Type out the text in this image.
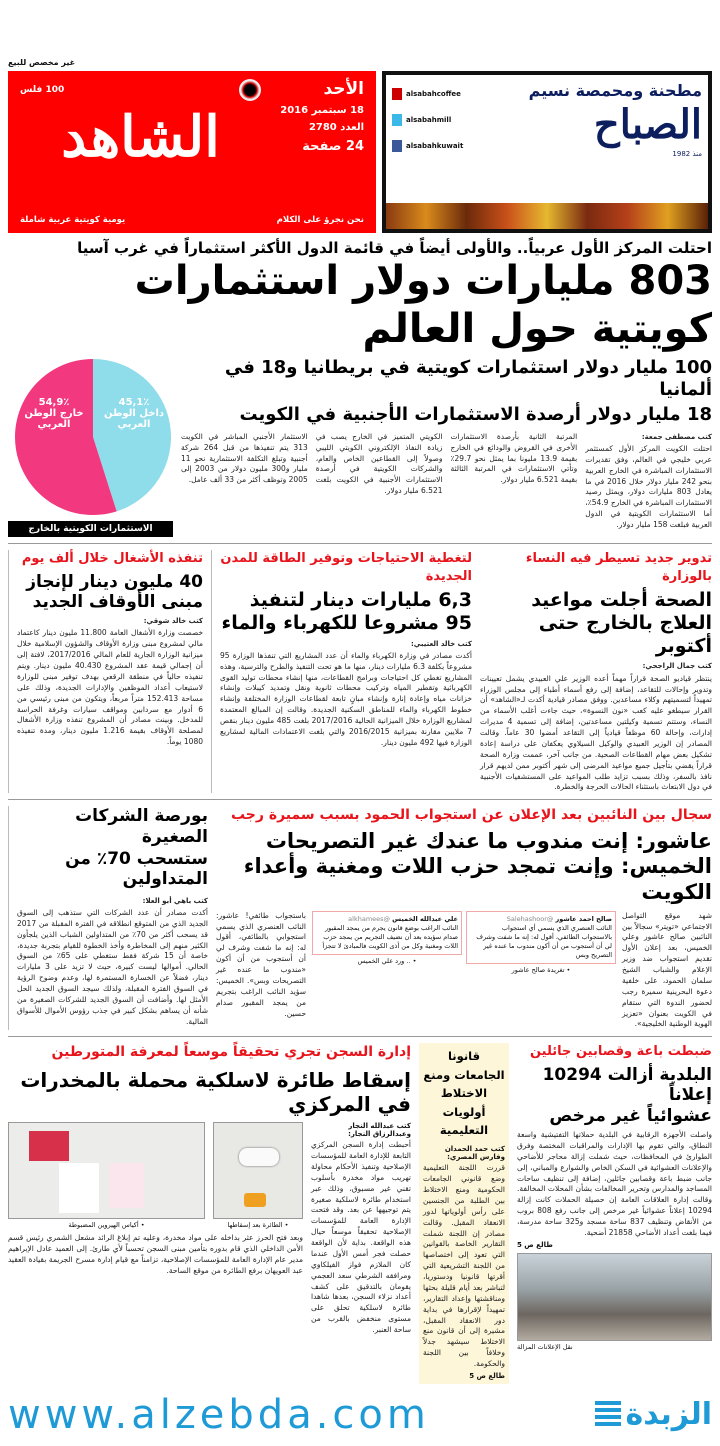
غير مخصص للبيع
مطحنة ومحمصة نسيم
الصباح
منذ 1982
alsabahcoffee
alsabahmill
alsabahkuwait
الأحد
18 سبتمبر 2016
العدد 2780
24 صفحة
نحن نجرؤ على الكلام
100 فلس
الشاهد
يومية كويتية عربية شاملة
احتلت المركز الأول عربياً.. والأولى أيضاً في قائمة الدول الأكثر استثماراً في غرب آسيا
803 مليارات دولار استثمارات كويتية حول العالم
100 مليار دولار استثمارات كويتية في بريطانيا و18 في ألمانيا
18 مليار دولار أرصدة الاستثمارات الأجنبية في الكويت
كتب مصطفى جمعة:
احتلت الكويت المركز الأول كمستثمر عربي خليجي في العالم، وفق تقديرات الاستثمارات المباشرة في الخارج العربية بنحو 242 مليار دولار خلال 2016 في ما يعادل 803 مليارات دولار، ويمثل رصيد الاستثمارات المباشرة في الخارج 54.9٪، أما الاستثمارات الكويتية في الدول العربية فبلغت 158 مليار دولار.
المرتبة الثانية بأرصدة الاستثمارات الأخرى في القروض والودائع في الخارج بقيمة 13.9 مليونا بما يمثل نحو 29.7٪ وتأتي الاستثمارات في المرتبة الثالثة بقيمة 6.521 مليار دولار.
الكويتي المتميز في الخارج يصب في زيادة النفاذ الإلكتروني الكويتي الليبي وصولاً إلى القطاعين الخاص والعام، والشركات الكويتية في أرصدة الاستثمارات الأجنبية في الكويت بلغت 6.521 مليار دولار.
الاستثمار الأجنبي المباشر في الكويت 313 يتم تنفيذها من قبل 264 شركة أجنبية وتبلغ التكلفة الاستثمارية نحو 11 مليار و300 مليون دولار من 2003 إلى 2005 وتوظف أكثر من 33 ألف عامل.
54,9٪
خارج الوطن العربي
45,1٪
داخل الوطن العربي
الاستثمارات الكويتية بالخارج
تدوير جديد تسيطر فيه النساء بالوزارة
الصحة أجلت مواعيد
العلاج بالخارج حتى أكتوبر
كتب جمال الراجحي:
ينتظر قياديو الصحة قراراً مهماً أعده الوزير علي العبيدي يشمل تعيينات وتدوير وإحالات للتقاعد، إضافة إلى رفع أسماء أطباء إلى مجلس الوزراء تمهيداً لتسميتهم وكلاء مساعدين. ووفق مصادر قيادية أكدت لـ«الشاهد» أن القرار سيطغو عليه كعب «نون النسوة»، حيث جاءت أغلب الأسماء من النساء، وستتم تسمية وكيلتين مساعدتين، إضافة إلى تسمية 4 مديرات إدارات، وإحالة 60 موظفاً قيادياً إلى التقاعد أمضوا 30 عاماً. وقالت المصادر إن الوزير العبيدي والوكيل السيلاوي يعكفان على دراسة إعادة تشكيل بعض مهام القطاعات الصحية. من جانب آخر، عممت وزارة الصحة قراراً يقضي بتأجيل جميع مواعيد المرضى إلى شهر أكتوبر ممن لديهم قرار نافذ بالسفر، وذلك بسبب تزايد طلب المواعيد على المستشفيات الأجنبية في دول الابتعاث باستثناء الحالات الحرجة والخطرة.
لتغطية الاحتياجات وتوفير الطاقة للمدن الجديدة
6,3 مليارات دينار لتنفيذ
95 مشروعا للكهرباء والماء
كتب خالد العتيبي:
أكدت مصادر في وزارة الكهرباء والماء أن عدد المشاريع التي تنفذها الوزارة 95 مشروعاً بكلفة 6.3 مليارات دينار، منها ما هو تحت التنفيذ والطرح والترسية، وهذه المشاريع تغطي كل احتياجات وبرامج القطاعات، منها إنشاء محطات توليد القوى الكهربائية وتقطير المياه وتركيب محطات ثانوية ونقل وتمديد كيبلات وإنشاء خزانات مياه وإعادة إنارة وإنشاء مبانٍ تابعة لقطاعات الوزارة المختلفة وإنشاء خطوط الكهرباء والماء للمناطق السكنية الجديدة. وقالت إن المبالغ المعتمدة لمشاريع الوزارة خلال الميزانية الحالية 2017/2016 بلغت 485 مليون دينار بنقص 7 ملايين مقارنة بميزانية 2016/2015 والتي بلغت الاعتمادات المالية لمشاريع الوزارة فيها 492 مليون دينار.
تنفذه الأشغال خلال ألف يوم
40 مليون دينار لإنجاز
مبنى الأوقاف الجديد
كتب خالد شوقي:
خصصت وزارة الأشغال العامة 11.800 مليون دينار كاعتماد مالي لمشروع مبنى وزارة الأوقاف والشؤون الإسلامية خلال ميزانية الوزارة الجارية للعام المالي 2017/2016، لافتة إلى أن إجمالي قيمة عقد المشروع 40.430 مليون دينار. ويتم تنفيذه حالياً في منطقة الرقعي بهدف توفير مبنى للوزارة لاستيعاب أعداد الموظفين والإدارات الجديدة، وذلك على مساحة 152.413 متراً مربعاً، ويتكون من مبنى رئيسي من 6 أدوار مع سردابين ومواقف سيارات وغرفة الحراسة للمدخل. وبينت مصادر أن المشروع تنفذه وزارة الأشغال لمصلحة الأوقاف بقيمة 1.216 مليون دينار، ومدة تنفيذه 1080 يوماً.
سجال بين النائبين بعد الإعلان عن استجواب الحمود بسبب سميرة رجب
عاشور: إنت مندوب ما عندك غير التصريحات
الخميس: وإنت تمجد حزب اللات ومغنية وأعداء الكويت
شهد موقع التواصل الاجتماعي «تويتر» سجالاً بين النائبين صالح عاشور وعلي الخميس، بعد إعلان الأول تقديم استجواب ضد وزير الإعلام والشباب الشيخ سلمان الحمود، على خلفية دعوة البحرينية سميرة رجب لحضور الندوة التي ستقام في الكويت بعنوان «تعزيز الهوية الوطنية الخليجية».
صالح احمد عاشور @Salehashoor
النائب العنصري الذي يسمي أي استجواب بالاستجواب الطائفي، أقول له: إنه ما شفت وشرف لي أن أستجوب من أن أكون مندوب ما عنده غير التصريح وبس
• تغريدة صالح عاشور
علي عبدالله الخميس @alkhamees
النائب الراغب بوضع قانون يجرم من يمجد المقبور صدام سؤيده بعد أن نضيف التجريم من يمجد حزب اللات ومغنية وكل من أذى الكويت فالمبادئ لا تتجزأ
• .. ورد علي الخميس
باستجواب طائفي! عاشور: النائب العنصري الذي يسمي استجوابي بالطائفي، أقول له: إنه ما شفت وشرف لي أن أستجوب من أن أكون «مندوب ما عنده غير التصريحات وبس». الخميس: سؤيد النائب الراغب بتجريم من يمجد المقبور صدام حسين.
بورصة الشركات الصغيرة
ستسحب 70٪ من المتداولين
كتب باهي أبو العلا:
أكدت مصادر أن عدد الشركات التي ستذهب إلى السوق الجديد الذي من المتوقع انطلاقه في الفترة المقبلة من 2017 قد يسحب أكثر من 70٪ من المتداولين الشباب الذين يلجأون الكثير منهم إلى المخاطرة وأخذ الخطوة للقيام بتجربة جديدة، خاصة أن 15 شركة فقط ستغطي على 65٪ من السوق الحالي. أموالها ليست كبيرة، حيث لا تزيد على 3 مليارات دينار، فضلاً عن الخسارة المستمرة لها، وعدم وضوح الرؤية في السوق الفترة المقبلة، ولذلك سيجد السوق الجديد الحل الأمثل لها. وأضافت أن السوق الجديد للشركات الصغيرة من شأنه أن يساهم بشكل كبير في جذب رؤوس الأموال للأسواق المالية.
ضبطت باعة وقصابين جائلين
البلدية أزالت 10294 إعلاناً
عشوائياً غير مرخص
واصلت الأجهزة الرقابية في البلدية حملاتها التفتيشية واسعة النطاق، والتي تقوم بها الإدارات والمراقبات المختصة وفرق الطوارئ في المحافظات، حيث شملت إزالة محاجر للأضاحي والإعلانات العشوائية في السكن الخاص والشوارع والمباني، إلى جانب ضبط باعة وقصابين جائلين، إضافة إلى تنظيف ساحات المساجد والمدارس وتحرير المخالفات بشأن المحلات المخالفة. وقالت إدارة العلاقات العامة إن حصيلة الحملات كانت إزالة 10294 إعلاناً عشوائياً غير مرخص إلى جانب رفع 808 بروب من الأنقاض وتنظيف 837 ساحة مسجد و325 ساحة مدرسة، فيما بلغت أعداد الأضاحي 21858 أضحية.
طالع ص 5
نقل الإعلانات المزالة
قانونا الجامعات ومنع الاختلاط أولويات التعليمية
كتب حمد الحمدان وفارس المصري:
قررت اللجنة التعليمية وضع قانوني الجامعات الحكومية ومنع الاختلاط بين الطلبة من الجنسين على رأس أولوياتها لدور الانعقاد المقبل. وقالت مصادر إن اللجنة شملت التقارير الخاصة بالقوانين التي تعود إلى اختصاصها من اللجنة التشريعية التي أقرتها قانونيا ودستوريا، لتباشر بعد أيام قليلة بحثها ومناقشتها وإعداد التقارير، تمهيداً لإقرارها في بداية دور الانعقاد المقبل، مشيرة إلى أن قانون منع الاختلاط سيشهد جدلاً وخلافاً بين اللجنة والحكومة.
طالع ص 5
إدارة السجن تجري تحقيقاً موسعاً لمعرفة المتورطين
إسقاط طائرة لاسلكية محملة بالمخدرات في المركزي
كتب عبدالله النجار وعبدالرزاق النجار:
أحبطت إدارة السجن المركزي التابعة للإدارة العامة للمؤسسات الإصلاحية وتنفيذ الأحكام محاولة تهريب مواد مخدرة بأسلوب تقني غير مسبوق، وذلك عبر استخدام طائرة لاسلكية صغيرة يتم توجيهها عن بعد. وقد فتحت الإدارة العامة للمؤسسات الإصلاحية تحقيقاً موسعاً حيال هذه الواقعة. بداية لأن الواقعة حصلت فجر أمس الأول عندما كان الملازم فواز الفيلكاوي ومرافقه الشرطي سعد العجمي يقومان بالتدقيق على كشف أعداد نزلاء السجن، بعدها شاهدا طائرة لاسلكية تحلق على مستوى منخفض بالقرب من ساحة العنبر.
• الطائرة بعد إسقاطها
• أكياس الهيروين المضبوطة
وبعد فتح الحرز عثر بداخله على مواد مخدرة، وعليه تم إبلاغ الرائد مشعل الشمري رئيس قسم الأمن الداخلي الذي قام بدوره بتأمين مبنى السجن تحسباً لأي طارئ. إلى العميد عادل الإبراهيم مدير عام الإدارة العامة للمؤسسات الإصلاحية، تزامناً مع قيام إدارة مسرح الجريمة بقيادة العقيد عبد العويهان برفع الطائرة من موقع الساحة.
www.alzebda.com	الزبدة
